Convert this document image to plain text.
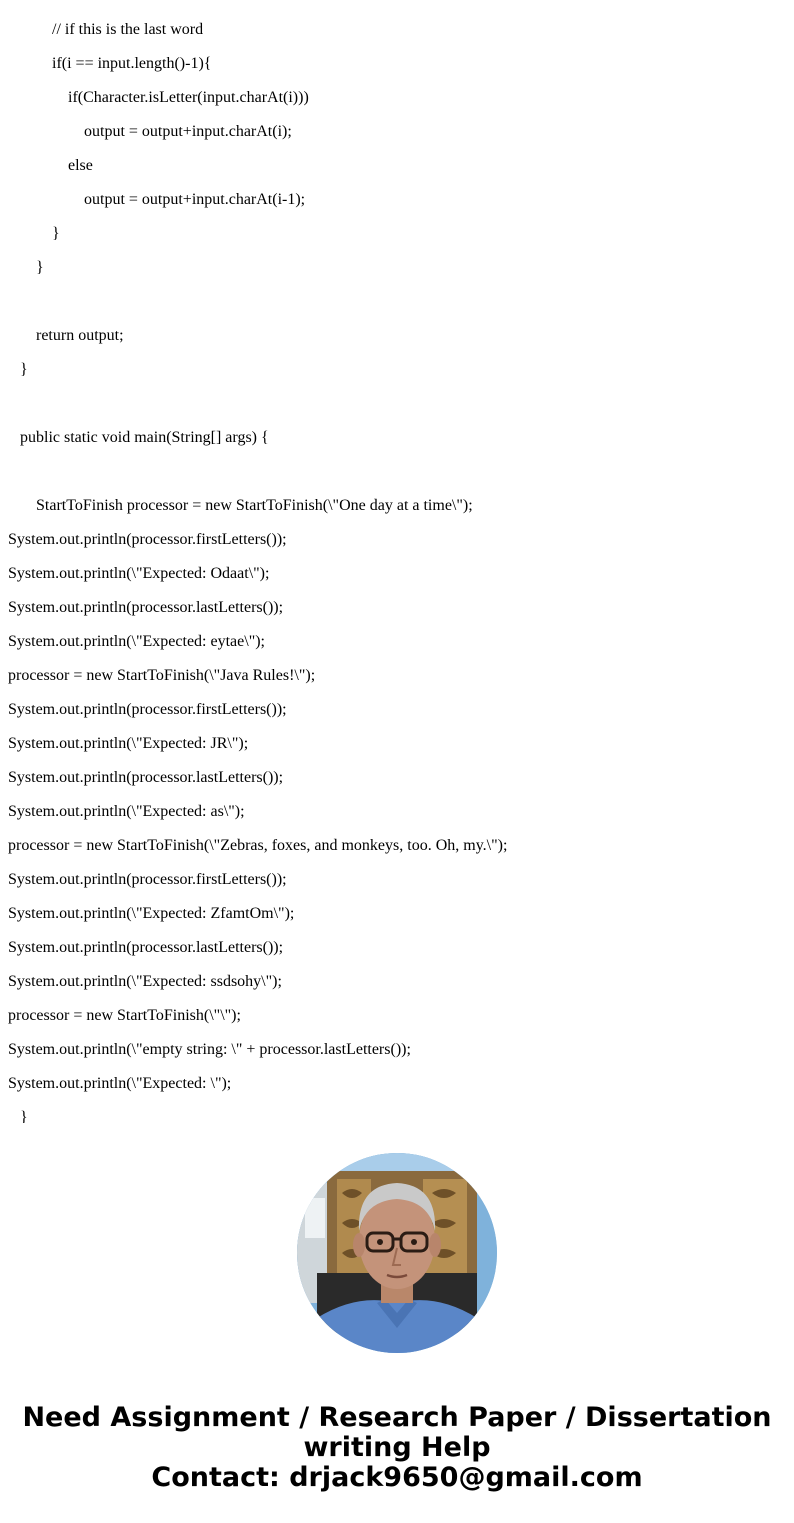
// if this is the last word
if(i == input.length()-1){
if(Character.isLetter(input.charAt(i)))
output = output+input.charAt(i);
else
output = output+input.charAt(i-1);
}
}
return output;
}
public static void main(String[] args) {
StartToFinish processor = new StartToFinish(\"One day at a time\");
System.out.println(processor.firstLetters());
System.out.println(\"Expected: Odaat\");
System.out.println(processor.lastLetters());
System.out.println(\"Expected: eytae\");
processor = new StartToFinish(\"Java Rules!\");
System.out.println(processor.firstLetters());
System.out.println(\"Expected: JR\");
System.out.println(processor.lastLetters());
System.out.println(\"Expected: as\");
processor = new StartToFinish(\"Zebras, foxes, and monkeys, too. Oh, my.\");
System.out.println(processor.firstLetters());
System.out.println(\"Expected: ZfamtOm\");
System.out.println(processor.lastLetters());
System.out.println(\"Expected: ssdsohy\");
processor = new StartToFinish(\"\");
System.out.println(\"empty string: \" + processor.lastLetters());
System.out.println(\"Expected: \");
}
Need Assignment / Research Paper / Dissertation
writing Help
Contact: drjack9650@gmail.com
